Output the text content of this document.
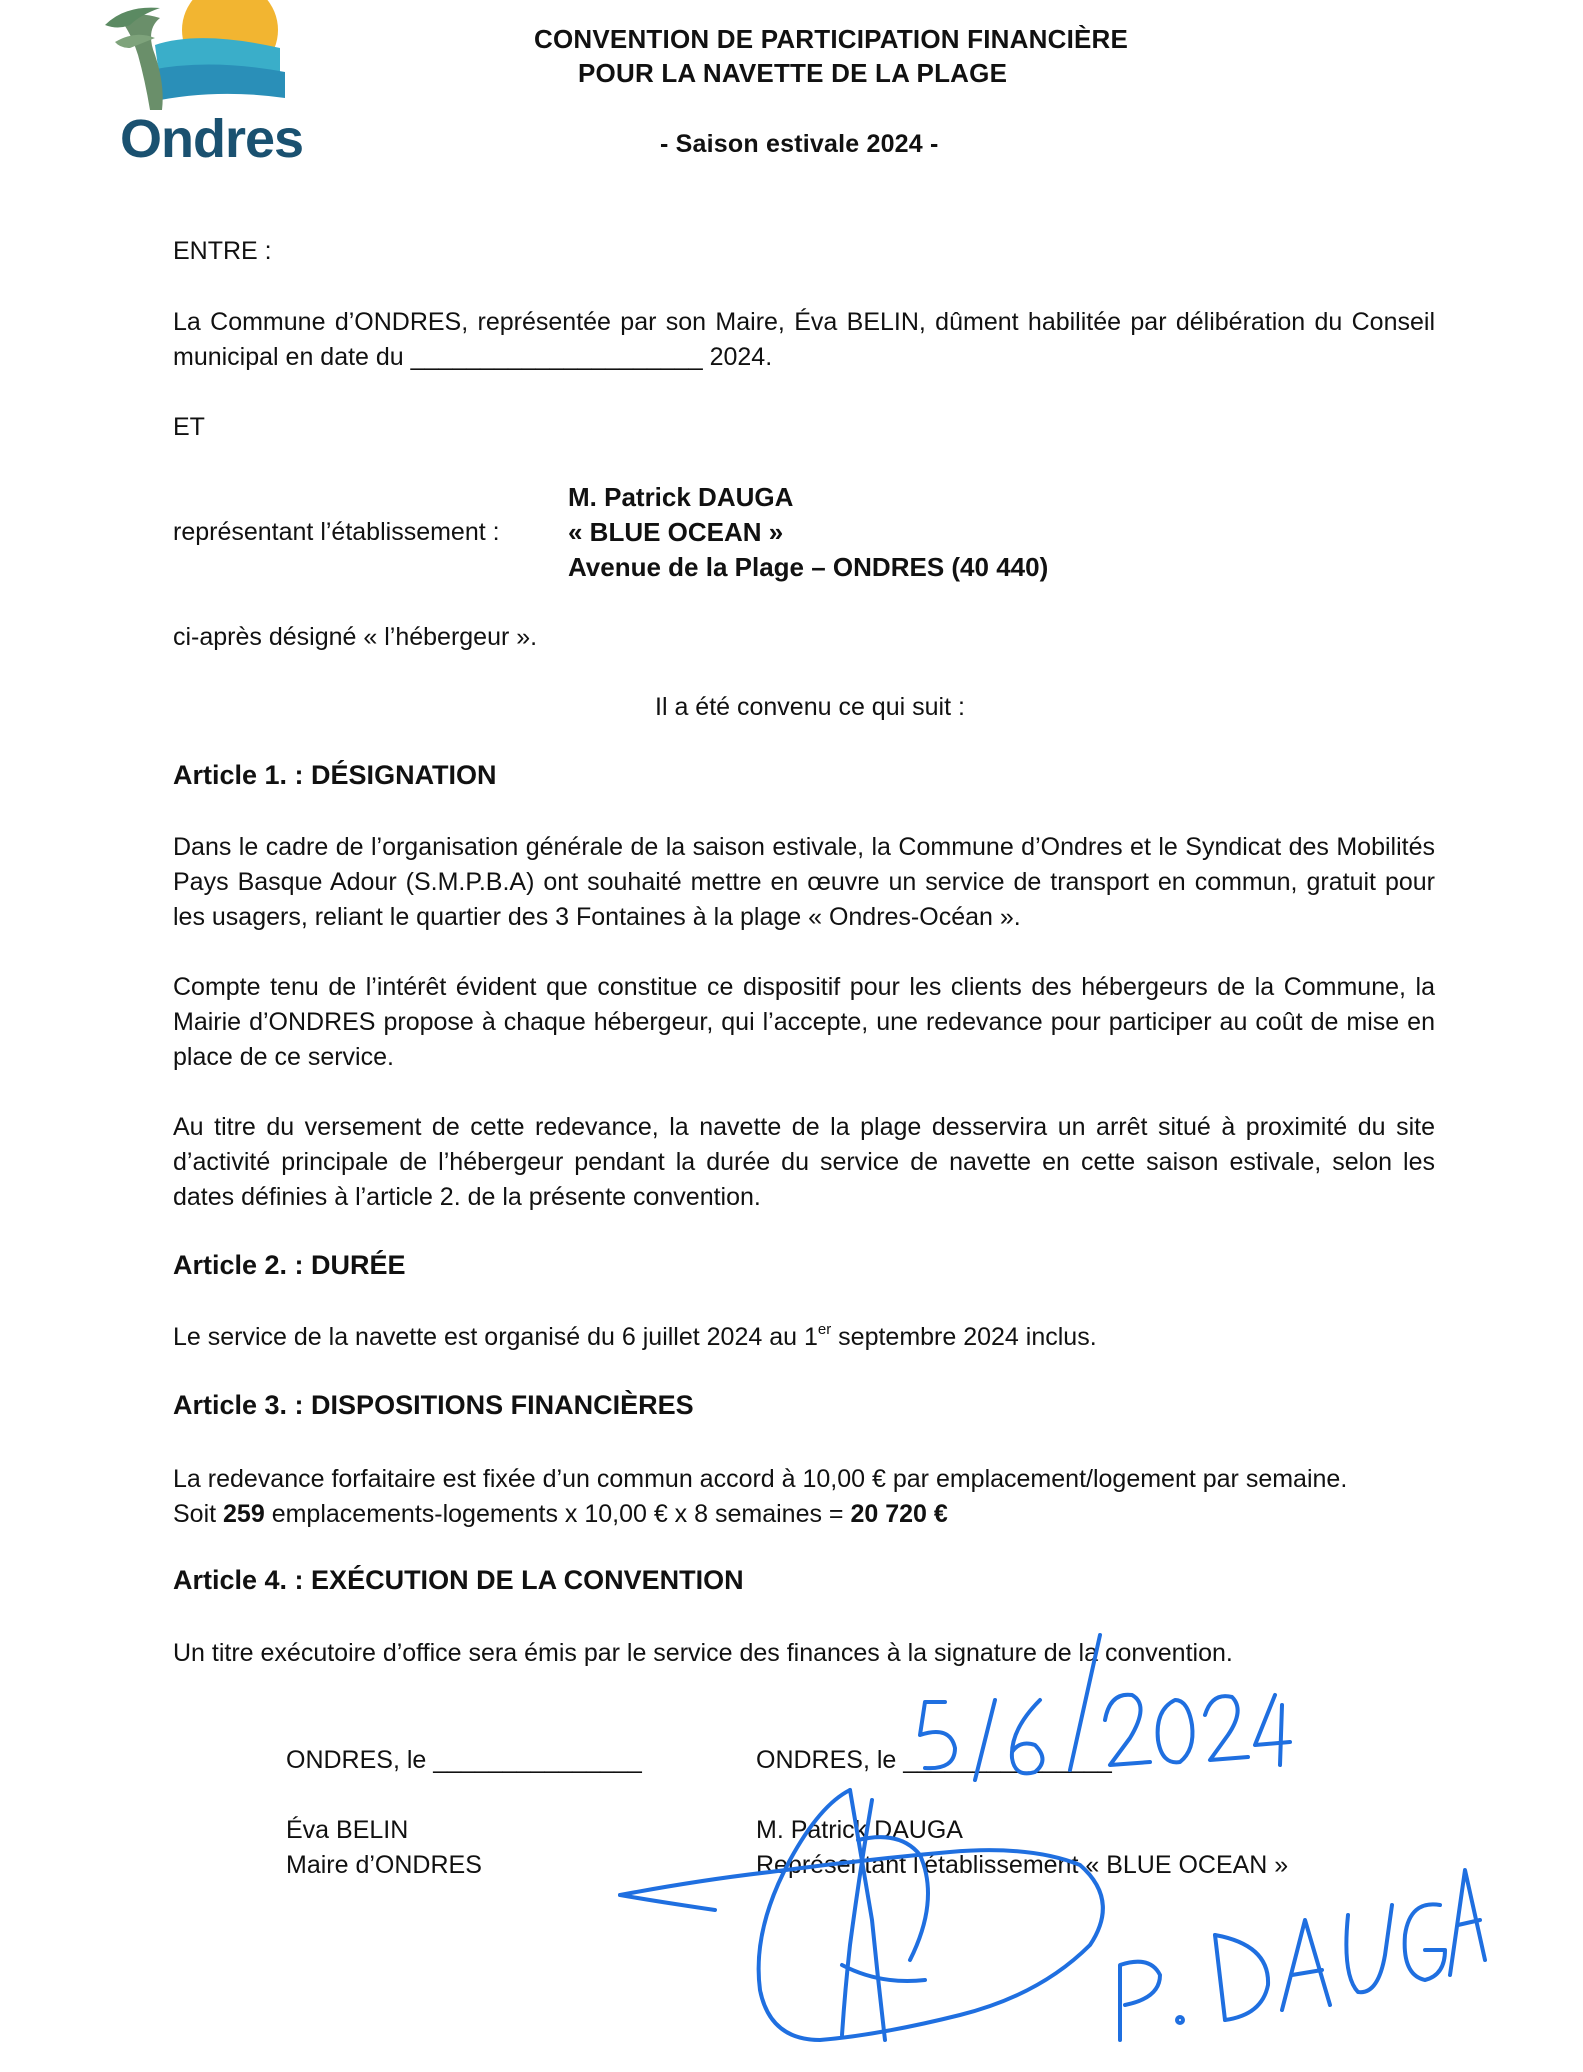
Ondres
CONVENTION DE PARTICIPATION FINANCIÈRE
POUR LA NAVETTE DE LA PLAGE
- Saison estivale 2024 -
ENTRE :
La Commune d’ONDRES, représentée par son Maire, Éva BELIN, dûment habilitée par délibération du Conseil municipal en date du _____________________ 2024.
ET
représentant l’établissement :
M. Patrick DAUGA
« BLUE OCEAN »
Avenue de la Plage – ONDRES (40 440)
ci-après désigné « l’hébergeur ».
Il a été convenu ce qui suit :
Article 1. : DÉSIGNATION
Dans le cadre de l’organisation générale de la saison estivale, la Commune d’Ondres et le Syndicat des Mobilités Pays Basque Adour (S.M.P.B.A) ont souhaité mettre en œuvre un service de transport en commun, gratuit pour les usagers, reliant le quartier des 3 Fontaines à la plage « Ondres-Océan ».
Compte tenu de l’intérêt évident que constitue ce dispositif pour les clients des hébergeurs de la Commune, la Mairie d’ONDRES propose à chaque hébergeur, qui l’accepte, une redevance pour participer au coût de mise en place de ce service.
Au titre du versement de cette redevance, la navette de la plage desservira un arrêt situé à proximité du site d’activité principale de l’hébergeur pendant la durée du service de navette en cette saison estivale, selon les dates définies à l’article 2. de la présente convention.
Article 2. : DURÉE
Le service de la navette est organisé du 6 juillet 2024 au 1er septembre 2024 inclus.
Article 3. : DISPOSITIONS FINANCIÈRES
La redevance forfaitaire est fixée d’un commun accord à 10,00 € par emplacement/logement par semaine.
Soit 259 emplacements-logements x 10,00 € x 8 semaines = 20 720 €
Article 4. : EXÉCUTION DE LA CONVENTION
Un titre exécutoire d’office sera émis par le service des finances à la signature de la convention.
ONDRES, le _______________
Éva BELIN
Maire d’ONDRES
ONDRES, le _______________
M. Patrick DAUGA
Représentant l’établissement « BLUE OCEAN »
